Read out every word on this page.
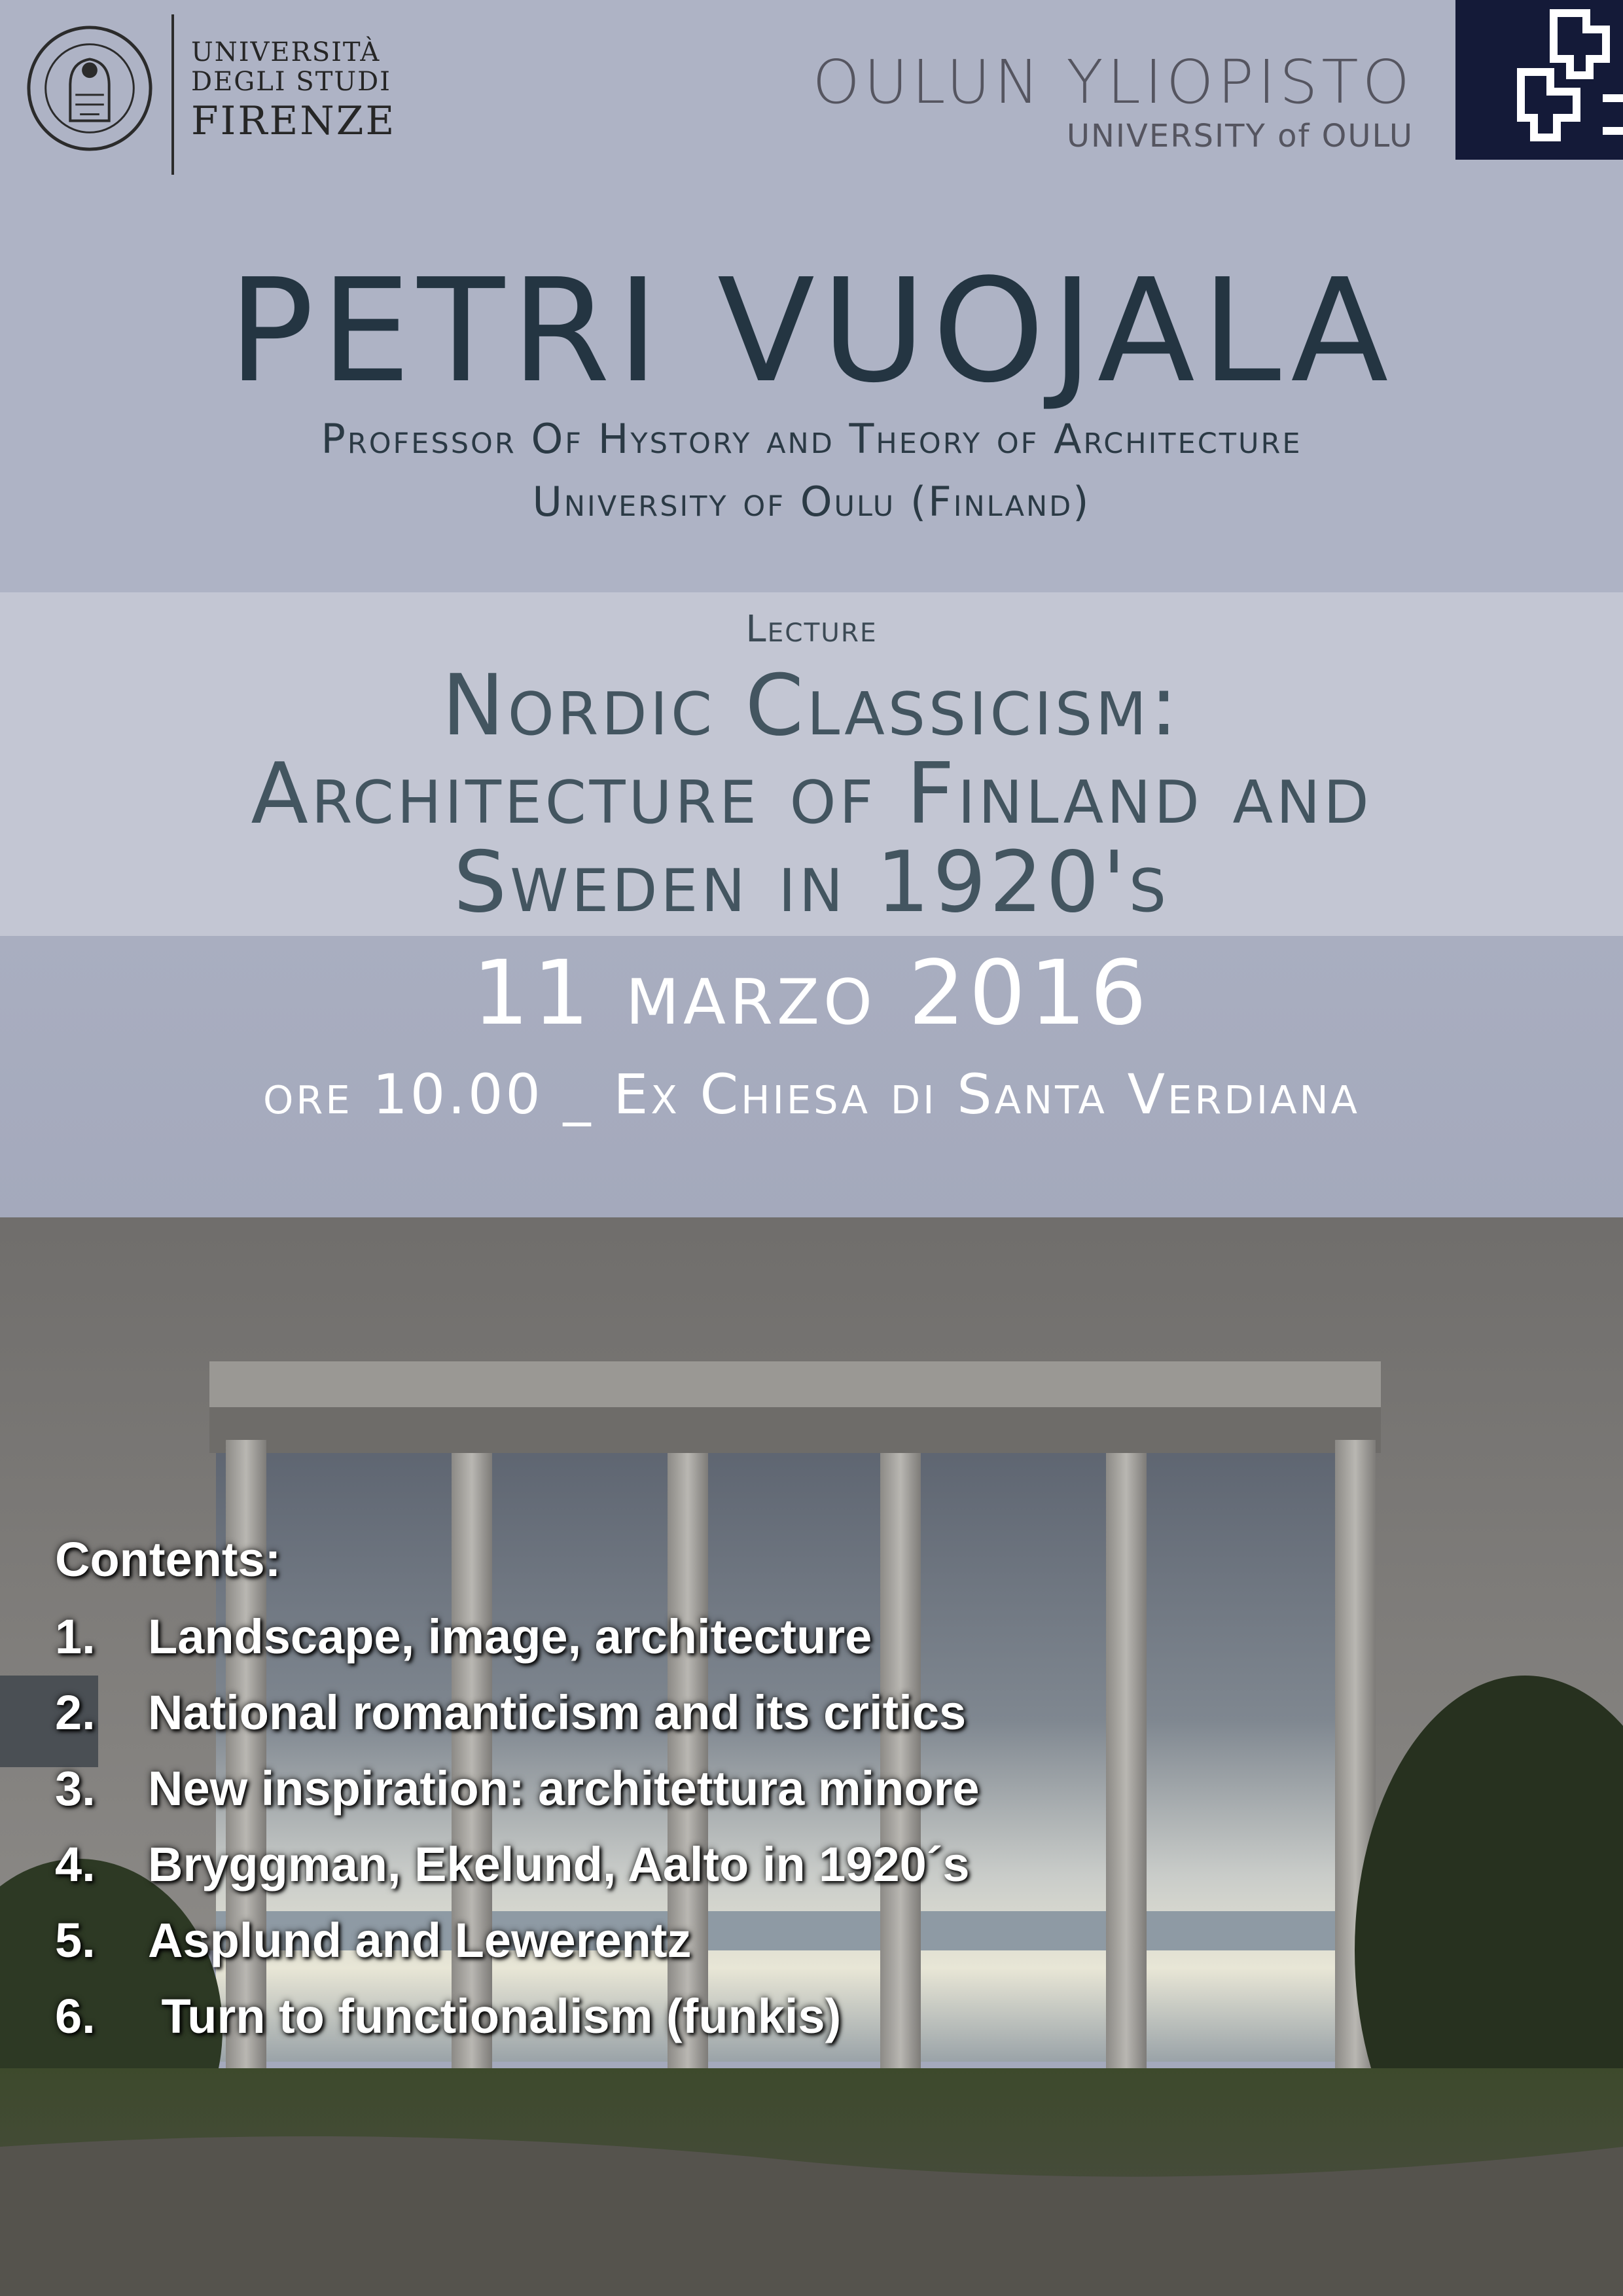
UNIVERSITÀ
DEGLI STUDI
FIRENZE
OULUN YLIOPISTO
UNIVERSITY of OULU
PETRI VUOJALA
Professor Of Hystory and Theory of Architecture
University of Oulu (Finland)
Lecture
Nordic Classicism:
Architecture of Finland and
Sweden in 1920's
11 marzo 2016
ore 10.00 _ Ex Chiesa di Santa Verdiana
Contents:
1. Landscape, image, architecture
2. National romanticism and its critics
3. New inspiration: architettura minore
4. Bryggman, Ekelund, Aalto in 1920´s
5. Asplund and Lewerentz
6. Turn to functionalism (funkis)
